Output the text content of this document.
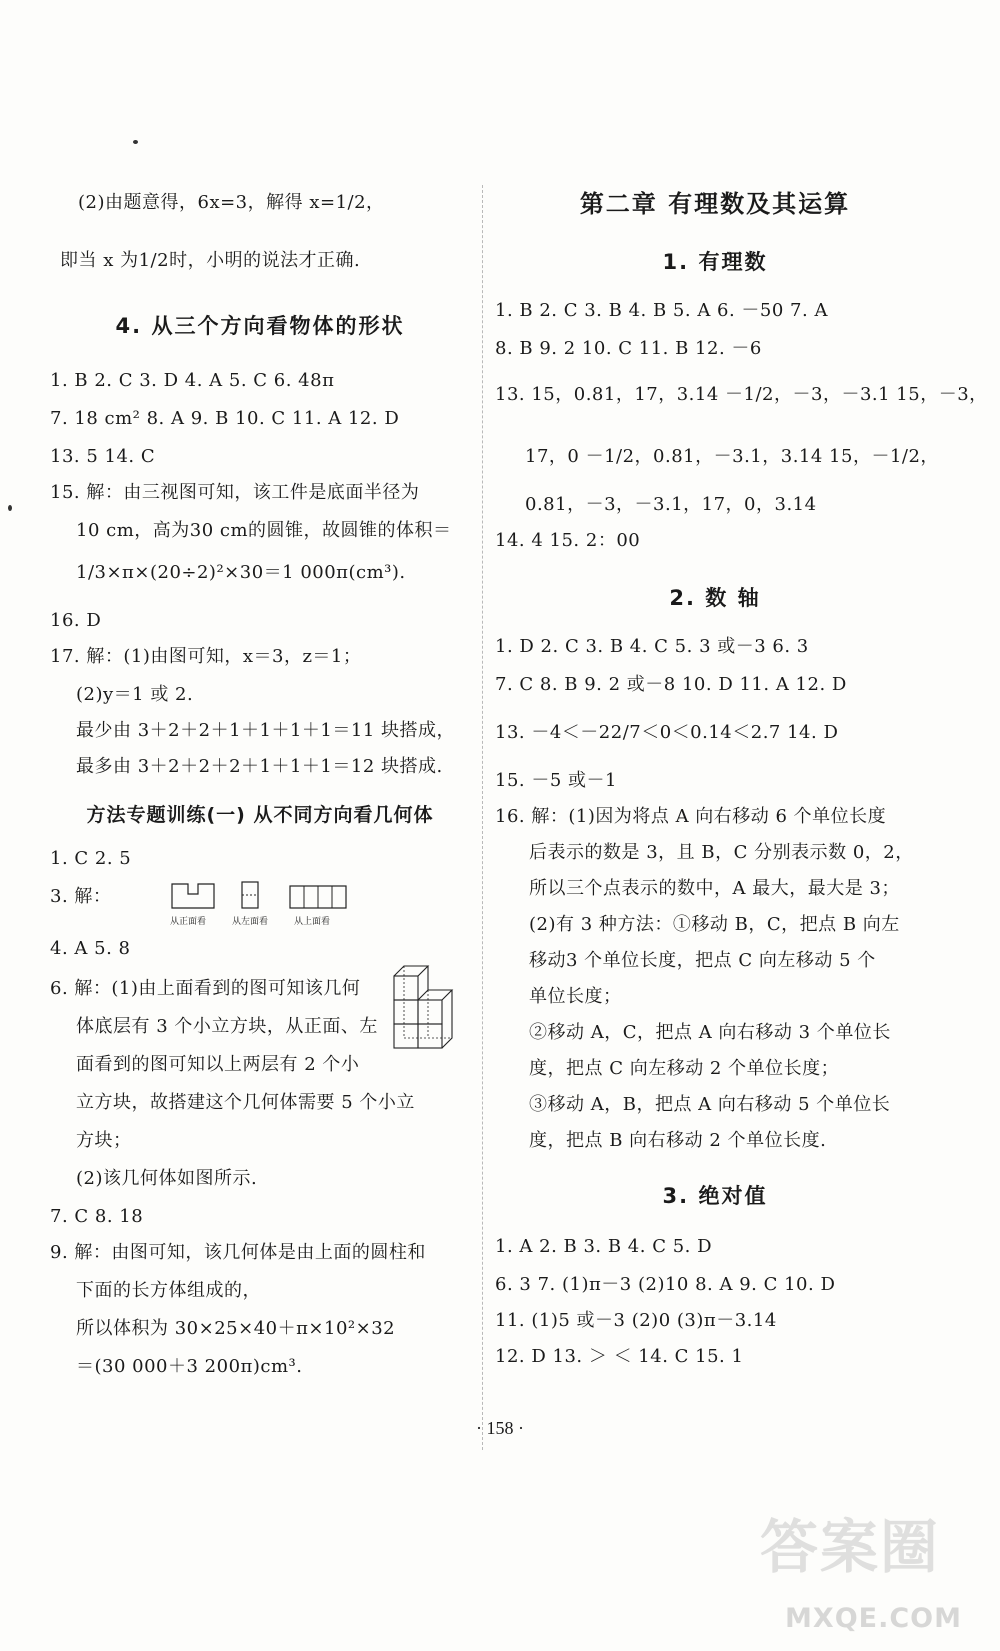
(2)由题意得，6x=3，解得 x=1/2，
即当 x 为1/2时，小明的说法才正确.
4. 从三个方向看物体的形状
1. B 2. C 3. D 4. A 5. C 6. 48π
7. 18 cm² 8. A 9. B 10. C 11. A 12. D
13. 5 14. C
15. 解：由三视图可知，该工件是底面半径为
10 cm，高为30 cm的圆锥，故圆锥的体积＝
1/3×π×(20÷2)²×30＝1 000π(cm³).
16. D
17. 解：(1)由图可知，x＝3，z＝1；
(2)y＝1 或 2.
最少由 3＋2＋2＋1＋1＋1＋1＝11 块搭成，
最多由 3＋2＋2＋2＋1＋1＋1＝12 块搭成.
方法专题训练(一) 从不同方向看几何体
1. C 2. 5
3. 解：
从正面看	从左面看	从上面看
4. A 5. 8
6. 解：(1)由上面看到的图可知该几何
体底层有 3 个小立方块，从正面、左
面看到的图可知以上两层有 2 个小
立方块，故搭建这个几何体需要 5 个小立
方块；
(2)该几何体如图所示.
7. C 8. 18
9. 解：由图可知，该几何体是由上面的圆柱和
下面的长方体组成的，
所以体积为 30×25×40＋π×10²×32
＝(30 000＋3 200π)cm³.
第二章 有理数及其运算
1. 有理数
1. B 2. C 3. B 4. B 5. A 6. －50 7. A
8. B 9. 2 10. C 11. B 12. －6
13. 15，0.81，17，3.14 －1/2，－3，－3.1 15，－3，
17，0 －1/2，0.81，－3.1，3.14 15，－1/2，
0.81，－3，－3.1，17，0，3.14
14. 4 15. 2：00
2. 数 轴
1. D 2. C 3. B 4. C 5. 3 或－3 6. 3
7. C 8. B 9. 2 或－8 10. D 11. A 12. D
13. －4＜－22/7＜0＜0.14＜2.7 14. D
15. －5 或－1
16. 解：(1)因为将点 A 向右移动 6 个单位长度
后表示的数是 3，且 B，C 分别表示数 0，2，
所以三个点表示的数中，A 最大，最大是 3；
(2)有 3 种方法：①移动 B，C，把点 B 向左
移动3 个单位长度，把点 C 向左移动 5 个
单位长度；
②移动 A，C，把点 A 向右移动 3 个单位长
度，把点 C 向左移动 2 个单位长度；
③移动 A，B，把点 A 向右移动 5 个单位长
度，把点 B 向右移动 2 个单位长度.
3. 绝对值
1. A 2. B 3. B 4. C 5. D
6. 3 7. (1)π－3 (2)10 8. A 9. C 10. D
11. (1)5 或－3 (2)0 (3)π－3.14
12. D 13. ＞ ＜ 14. C 15. 1
· 158 ·
答案圈
MXQE.COM
